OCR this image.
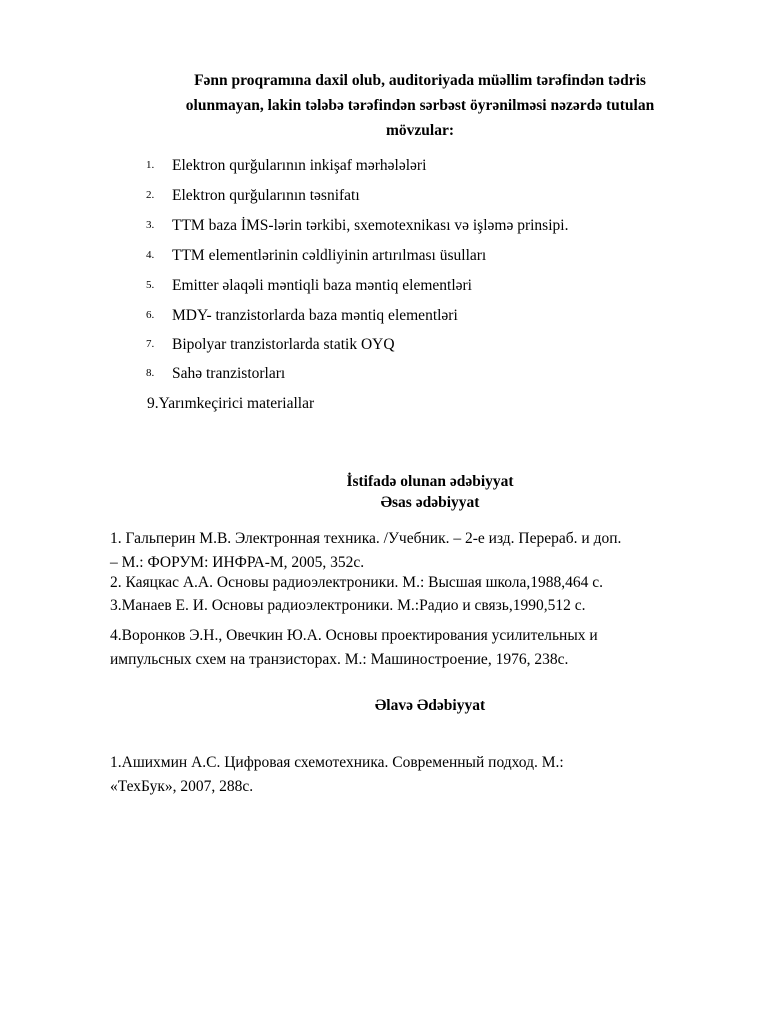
Fənn proqramına daxil olub, auditoriyada müəllim tərəfindən tədris
olunmayan, lakin tələbə tərəfindən sərbəst öyrənilməsi nəzərdə tutulan
mövzular:
1. Elektron qurğularının inkişaf mərhələləri
2. Elektron qurğularının təsnifatı
3. TTM baza İMS-lərin tərkibi, sxemotexnikası və işləmə prinsipi.
4. TTM elementlərinin cəldliyinin artırılması üsulları
5. Emitter əlaqəli məntiqli baza məntiq elementləri
6. MDY- tranzistorlarda baza məntiq elementləri
7. Bipolyar tranzistorlarda statik OYQ
8. Sahə tranzistorları
9.Yarımkeçirici materiallar
İstifadə olunan ədəbiyyat
Əsas ədəbiyyat
1. Гальперин М.В. Электронная техника. /Учебник. – 2-е изд. Перераб. и доп.
– М.: ФОРУМ: ИНФРА-М, 2005, 352с.
2. Каяцкас А.А. Основы радиоэлектроники. М.: Высшая школа,1988,464 с.
3.Манаев Е. И. Основы радиоэлектроники. М.:Радио и связь,1990,512 с.
4.Воронков Э.Н., Овечкин Ю.А. Основы проектирования усилительных и
импульсных схем на транзисторах. М.: Машиностроение, 1976, 238с.
Əlavə Ədəbiyyat
1.Ашихмин А.С. Цифровая схемотехника. Современный подход. М.:
«ТехБук», 2007, 288с.
